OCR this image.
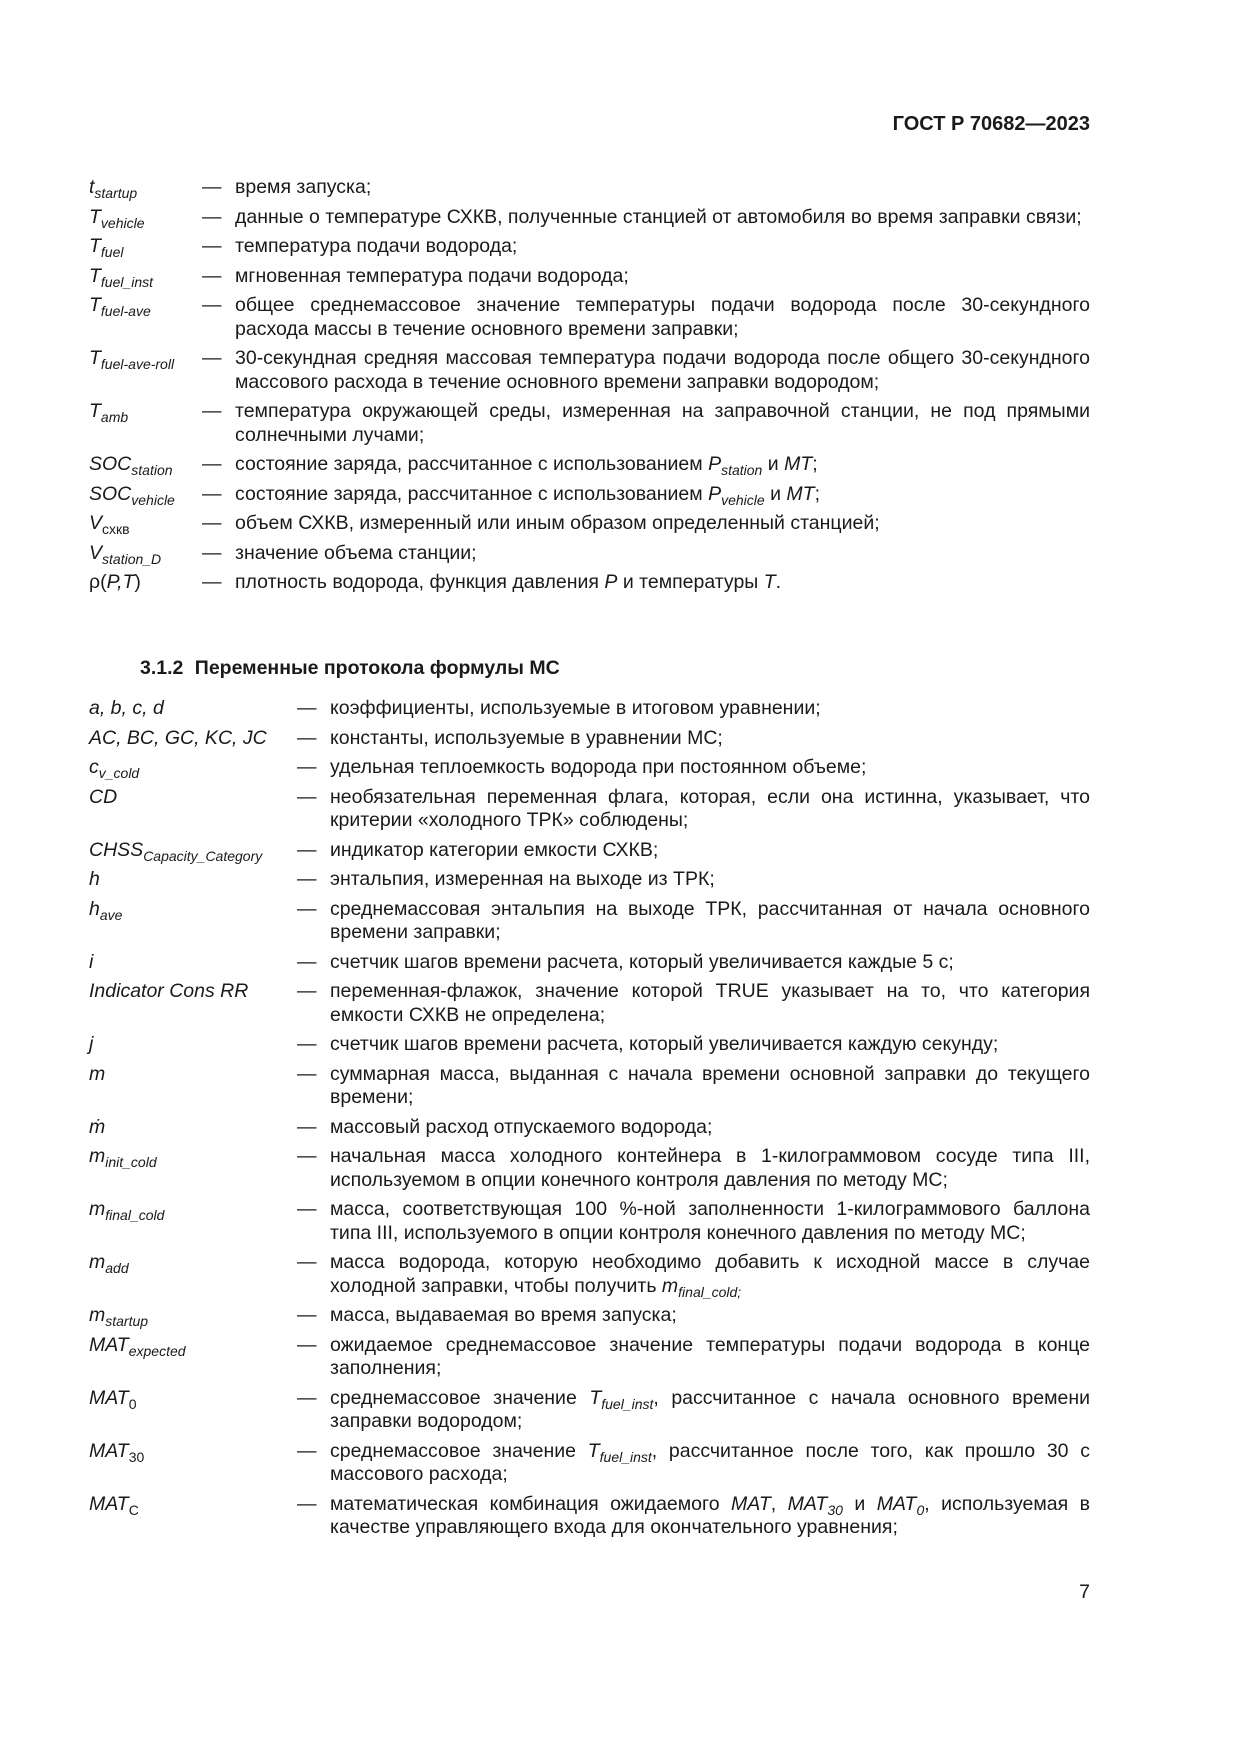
ГОСТ Р 70682—2023
$t_{startup}$	— время запуска;
$T_{vehicle}$	— данные о температуре СХКВ, полученные станцией от автомобиля во время заправки связи;
$T_{fuel}$	— температура подачи водорода;
$T_{fuel\_inst}$	— мгновенная температура подачи водорода;
$T_{fuel-ave}$	— общее среднемассовое значение температуры подачи водорода после 30-секундного расхода массы в течение основного времени заправки;
$T_{fuel-ave-roll}$	— 30-секундная средняя массовая температура подачи водорода после общего 30-секундного массового расхода в течение основного времени заправки водородом;
$T_{amb}$	— температура окружающей среды, измеренная на заправочной станции, не под прямыми солнечными лучами;
$SOC_{station}$	— состояние заряда, рассчитанное с использованием $P_{station}$ и MT;
$SOC_{vehicle}$	— состояние заряда, рассчитанное с использованием $P_{vehicle}$ и MT;
$V_{схкв}$	— объем СХКВ, измеренный или иным образом определенный станцией;
$V_{station\_D}$	— значение объема станции;
ρ(P,T)	— плотность водорода, функция давления P и температуры T.
3.1.2 Переменные протокола формулы МС
a, b, c, d	— коэффициенты, используемые в итоговом уравнении;
AC, BC, GC, KC, JC	— константы, используемые в уравнении МС;
$c_{v\_cold}$	— удельная теплоемкость водорода при постоянном объеме;
CD	— необязательная переменная флага, которая, если она истинна, указывает, что критерии «холодного ТРК» соблюдены;
$CHSS_{Capacity\_Category}$	— индикатор категории емкости СХКВ;
h	— энтальпия, измеренная на выходе из ТРК;
$h_{ave}$	— среднемассовая энтальпия на выходе ТРК, рассчитанная от начала основного времени заправки;
i	— счетчик шагов времени расчета, который увеличивается каждые 5 с;
Indicator Cons RR	— переменная-флажок, значение которой TRUE указывает на то, что категория емкости СХКВ не определена;
j	— счетчик шагов времени расчета, который увеличивается каждую секунду;
m	— суммарная масса, выданная с начала времени основной заправки до текущего времени;
ṁ	— массовый расход отпускаемого водорода;
$m_{init\_cold}$	— начальная масса холодного контейнера в 1-килограммовом сосуде типа III, используемом в опции конечного контроля давления по методу МС;
$m_{final\_cold}$	— масса, соответствующая 100 %-ной заполненности 1-килограммового баллона типа III, используемого в опции контроля конечного давления по методу МС;
$m_{add}$	— масса водорода, которую необходимо добавить к исходной массе в случае холодной заправки, чтобы получить $m_{final\_cold;}$
$m_{startup}$	— масса, выдаваемая во время запуска;
$MAT_{expected}$	— ожидаемое среднемассовое значение температуры подачи водорода в конце заполнения;
$MAT_0$	— среднемассовое значение $T_{fuel\_inst}$, рассчитанное с начала основного времени заправки водородом;
$MAT_{30}$	— среднемассовое значение $T_{fuel\_inst}$, рассчитанное после того, как прошло 30 с массового расхода;
$MAT_C$	— математическая комбинация ожидаемого MAT, $MAT_{30}$ и $MAT_0$, используемая в качестве управляющего входа для окончательного уравнения;
7
